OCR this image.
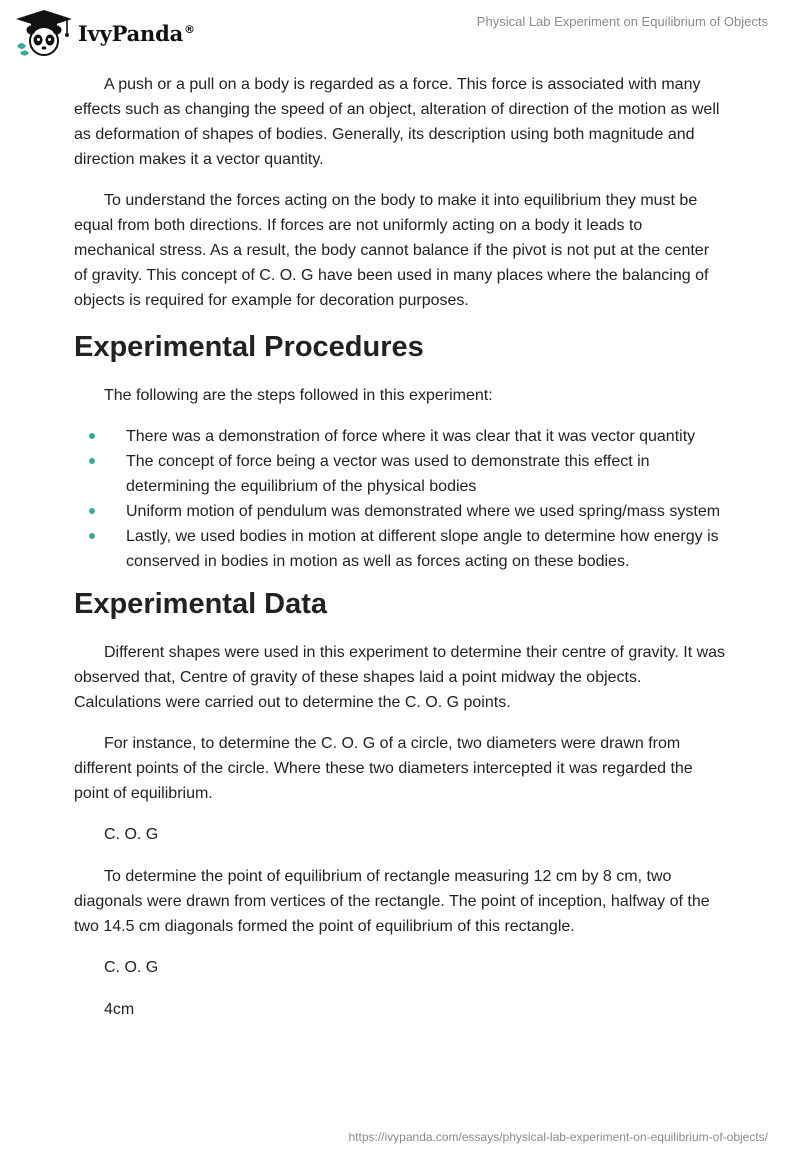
IvyPanda®	Physical Lab Experiment on Equilibrium of Objects

A push or a pull on a body is regarded as a force. This force is associated with many effects such as changing the speed of an object, alteration of direction of the motion as well as deformation of shapes of bodies. Generally, its description using both magnitude and direction makes it a vector quantity.

To understand the forces acting on the body to make it into equilibrium they must be equal from both directions. If forces are not uniformly acting on a body it leads to mechanical stress. As a result, the body cannot balance if the pivot is not put at the center of gravity. This concept of C. O. G have been used in many places where the balancing of objects is required for example for decoration purposes.

Experimental Procedures

The following are the steps followed in this experiment:

There was a demonstration of force where it was clear that it was vector quantity
The concept of force being a vector was used to demonstrate this effect in determining the equilibrium of the physical bodies
Uniform motion of pendulum was demonstrated where we used spring/mass system
Lastly, we used bodies in motion at different slope angle to determine how energy is conserved in bodies in motion as well as forces acting on these bodies.
Experimental Data

Different shapes were used in this experiment to determine their centre of gravity. It was observed that, Centre of gravity of these shapes laid a point midway the objects. Calculations were carried out to determine the C. O. G points.

For instance, to determine the C. O. G of a circle, two diameters were drawn from different points of the circle. Where these two diameters intercepted it was regarded the point of equilibrium.

C. O. G

To determine the point of equilibrium of rectangle measuring 12 cm by 8 cm, two diagonals were drawn from vertices of the rectangle. The point of inception, halfway of the two 14.5 cm diagonals formed the point of equilibrium of this rectangle.

C. O. G

4cm

https://ivypanda.com/essays/physical-lab-experiment-on-equilibrium-of-objects/
